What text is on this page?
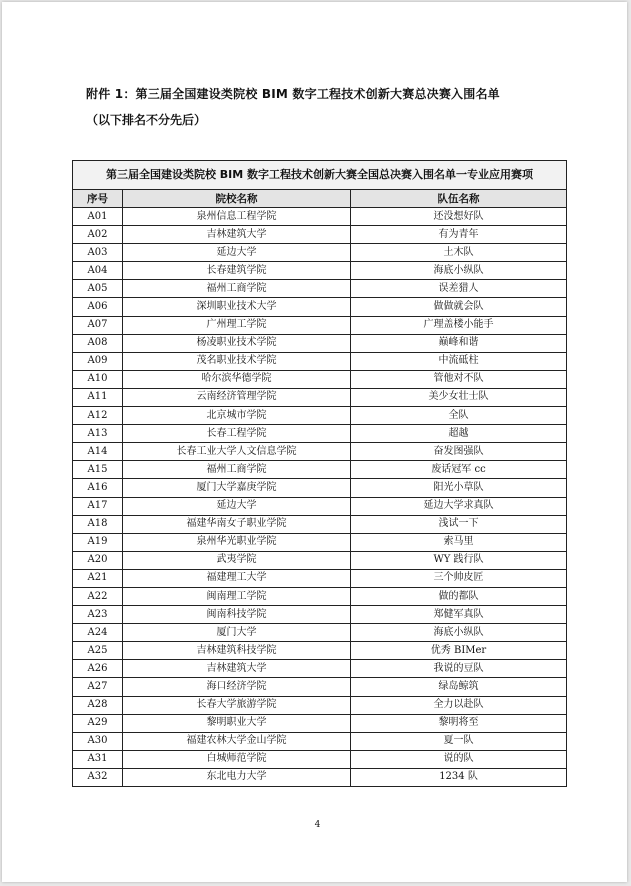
附件 1：第三届全国建设类院校 BIM 数字工程技术创新大赛总决赛入围名单
（以下排名不分先后）
第三届全国建设类院校 BIM 数字工程技术创新大赛全国总决赛入围名单一专业应用赛项		
序号	院校名称	队伍名称
A01	泉州信息工程学院	还没想好队
A02	吉林建筑大学	有为青年
A03	延边大学	土木队
A04	长春建筑学院	海底小纵队
A05	福州工商学院	误差猎人
A06	深圳职业技术大学	做做就会队
A07	广州理工学院	广理盖楼小能手
A08	杨凌职业技术学院	巅峰和谐
A09	茂名职业技术学院	中流砥柱
A10	哈尔滨华德学院	管他对不队
A11	云南经济管理学院	美少女壮士队
A12	北京城市学院	全队
A13	长春工程学院	超越
A14	长春工业大学人文信息学院	奋发图强队
A15	福州工商学院	废话冠军 cc
A16	厦门大学嘉庚学院	阳光小草队
A17	延边大学	延边大学求真队
A18	福建华南女子职业学院	浅试一下
A19	泉州华光职业学院	索马里
A20	武夷学院	WY 践行队
A21	福建理工大学	三个帅皮匠
A22	闽南理工学院	做的都队
A23	闽南科技学院	郑健军真队
A24	厦门大学	海底小纵队
A25	吉林建筑科技学院	优秀 BIMer
A26	吉林建筑大学	我说的豆队
A27	海口经济学院	绿岛鲸筑
A28	长春大学旅游学院	全力以赴队
A29	黎明职业大学	黎明将至
A30	福建农林大学金山学院	夏一队
A31	白城师范学院	说的队
A32	东北电力大学	1234 队
4
